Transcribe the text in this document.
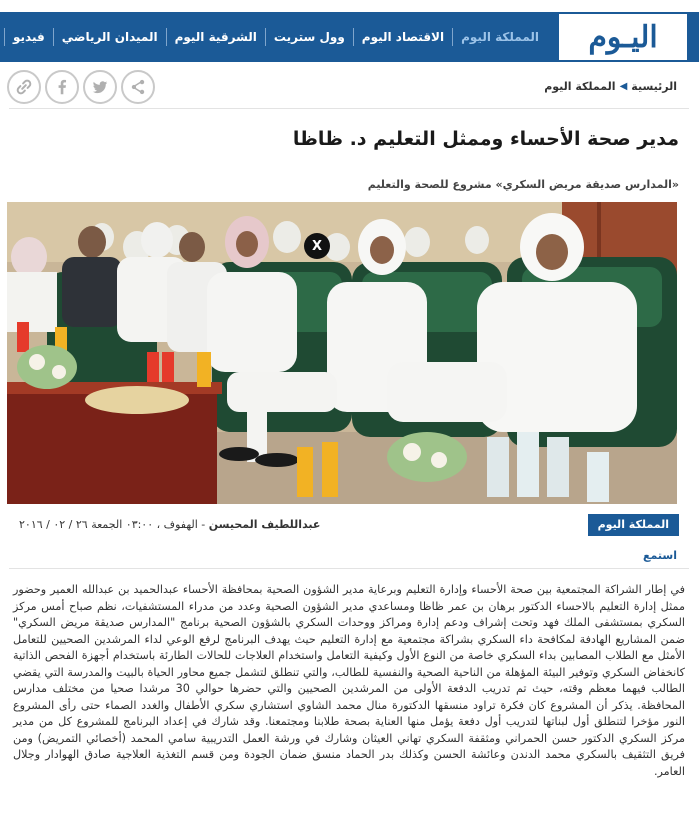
اليـوم
المملكة اليوم
الاقتصاد اليوم
وول ستريت
الشرقية اليوم
الميدان الرياضي
فيديو
الرئيسية
◀
المملكة اليوم
مدير صحة الأحساء وممثل التعليم د. ظاظا
«المدارس صديقة مريض السكري» مشروع للصحة والتعليم
X
المملكة اليوم
عبداللطيف المحيسن - الهفوف ، ٠٣:٠٠ الجمعة ٢٦ / ٠٢ / ٢٠١٦
استمع

في إطار الشراكة المجتمعية بين صحة الأحساء وإدارة التعليم وبرعاية مدير الشؤون الصحية بمحافظة الأحساء عبدالحميد بن عبدالله العمير وحضور ممثل إدارة التعليم بالاحساء الدكتور برهان بن عمر ظاظا ومساعدي مدير الشؤون الصحية وعدد من مدراء المستشفيات، نظم صباح أمس مركز السكري بمستشفى الملك فهد وتحت إشراف ودعم إدارة ومراكز ووحدات السكري بالشؤون الصحية برنامج "المدارس صديقة مريض السكري" ضمن المشاريع الهادفة لمكافحة داء السكري بشراكة مجتمعية مع إدارة التعليم حيث يهدف البرنامج لرفع الوعي لداء المرشدين الصحيين للتعامل الأمثل مع الطلاب المصابين بداء السكري خاصة من النوع الأول وكيفية التعامل واستخدام العلاجات للحالات الطارئة باستخدام أجهزة الفحص الذاتية كانخفاض السكري وتوفير البيئة المؤهلة من الناحية الصحية والنفسية للطالب، والتي تنطلق لتشمل جميع محاور الحياة بالبيت والمدرسة التي يقضي الطالب فيهما معظم وقته، حيث تم تدريب الدفعة الأولى من المرشدين الصحيين والتي حضرها حوالي 30 مرشدا صحيا من مختلف مدارس المحافظة. يذكر أن المشروع كان فكرة تراود منسقها الدكتورة منال محمد الشاوي استشاري سكري الأطفال والغدد الصماء حتى رأى المشروع النور مؤخرا لتنطلق أول لبناتها لتدريب أول دفعة يؤمل منها العناية بصحة طلابنا ومجتمعنا. وقد شارك في إعداد البرنامج للمشروع كل من مدير مركز السكري الدكتور حسن الحمراني ومثقفة السكري تهاني العيثان وشارك في ورشة العمل التدريبية سامي المحمد (أخصائي التمريض) ومن فريق التثقيف بالسكري محمد الدندن وعائشة الحسن وكذلك بدر الحماد منسق ضمان الجودة ومن قسم التغذية العلاجية صادق الهوادار وجلال العامر.
